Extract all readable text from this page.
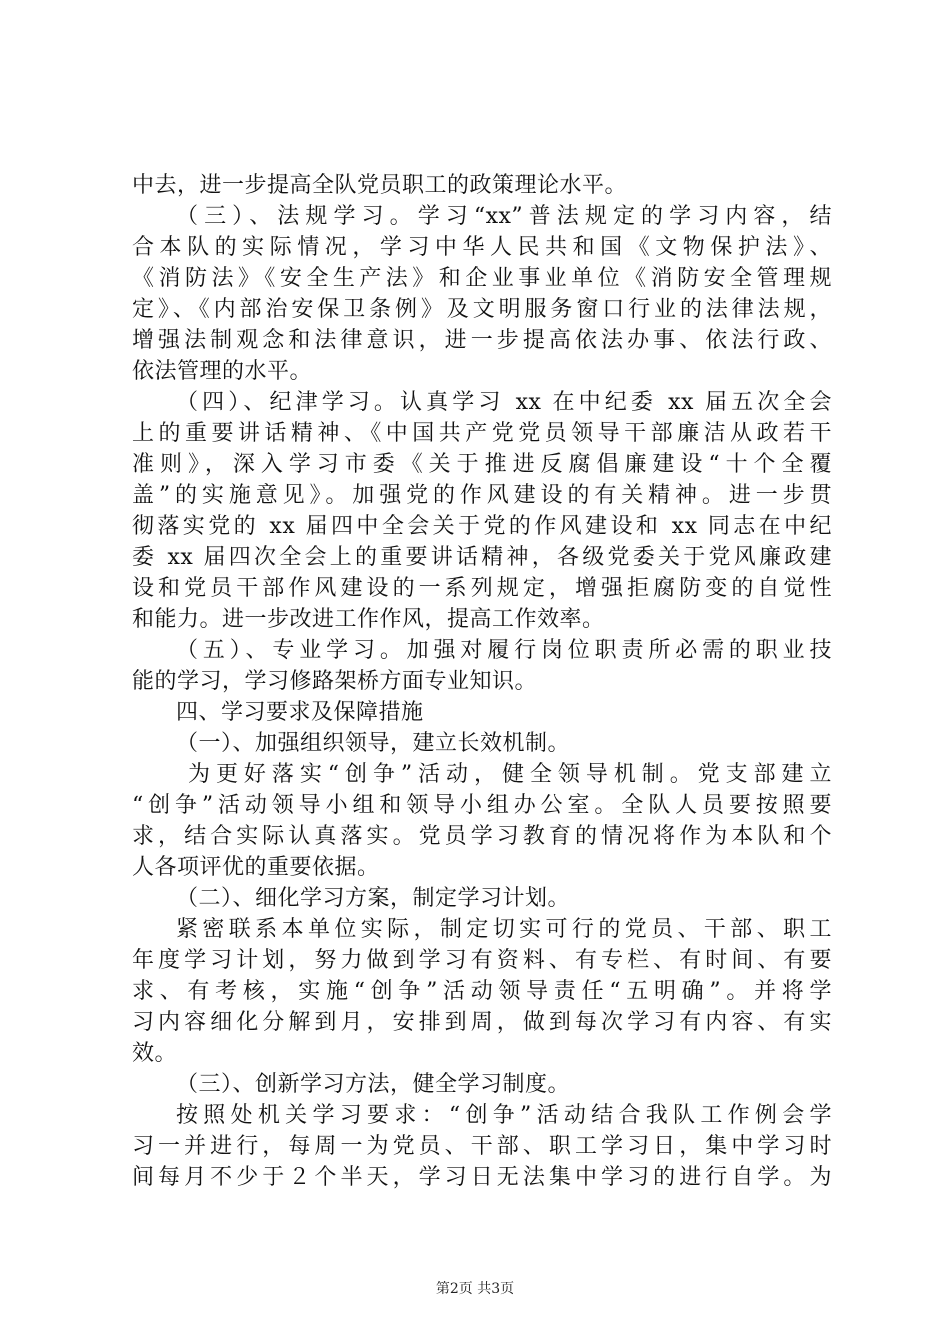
中去，进一步提高全队党员职工的政策理论水平。
（三）、法规学习。学习“xx”普法规定的学习内容，结
合本队的实际情况，学习中华人民共和国《文物保护法》、
《消防法》《安全生产法》和企业事业单位《消防安全管理规
定》、《内部治安保卫条例》及文明服务窗口行业的法律法规，
增强法制观念和法律意识，进一步提高依法办事、依法行政、
依法管理的水平。
（四）、纪津学习。认真学习 xx 在中纪委 xx 届五次全会
上的重要讲话精神、《中国共产党党员领导干部廉洁从政若干
准则》，深入学习市委《关于推进反腐倡廉建设“十个全覆
盖”的实施意见》。加强党的作风建设的有关精神。进一步贯
彻落实党的 xx 届四中全会关于党的作风建设和 xx 同志在中纪
委 xx 届四次全会上的重要讲话精神，各级党委关于党风廉政建
设和党员干部作风建设的一系列规定，增强拒腐防变的自觉性
和能力。进一步改进工作作风，提高工作效率。
（五）、专业学习。加强对履行岗位职责所必需的职业技
能的学习，学习修路架桥方面专业知识。
四、学习要求及保障措施
（一）、加强组织领导，建立长效机制。
为更好落实“创争”活动，健全领导机制。党支部建立
“创争”活动领导小组和领导小组办公室。全队人员要按照要
求，结合实际认真落实。党员学习教育的情况将作为本队和个
人各项评优的重要依据。
（二）、细化学习方案，制定学习计划。
紧密联系本单位实际，制定切实可行的党员、干部、职工
年度学习计划，努力做到学习有资料、有专栏、有时间、有要
求、有考核，实施“创争”活动领导责任“五明确”。并将学
习内容细化分解到月，安排到周，做到每次学习有内容、有实
效。
（三）、创新学习方法，健全学习制度。
按照处机关学习要求：“创争”活动结合我队工作例会学
习一并进行，每周一为党员、干部、职工学习日，集中学习时
间每月不少于２个半天，学习日无法集中学习的进行自学。为
第2页 共3页
